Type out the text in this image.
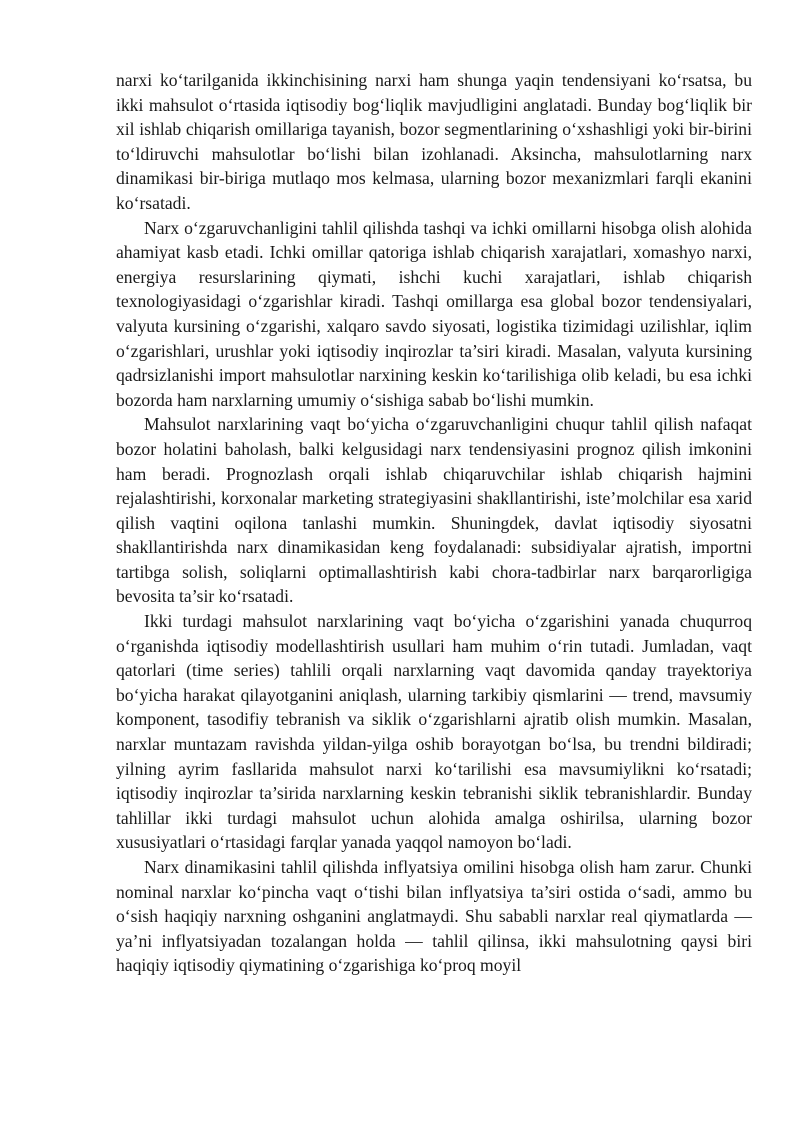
narxi ko‘tarilganida ikkinchisining narxi ham shunga yaqin tendensiyani ko‘rsatsa, bu ikki mahsulot o‘rtasida iqtisodiy bog‘liqlik mavjudligini anglatadi. Bunday bog‘liqlik bir xil ishlab chiqarish omillariga tayanish, bozor segmentlarining o‘xshashligi yoki bir-birini to‘ldiruvchi mahsulotlar bo‘lishi bilan izohlanadi. Aksincha, mahsulotlarning narx dinamikasi bir-biriga mutlaqo mos kelmasa, ularning bozor mexanizmlari farqli ekanini ko‘rsatadi.

Narx o‘zgaruvchanligini tahlil qilishda tashqi va ichki omillarni hisobga olish alohida ahamiyat kasb etadi. Ichki omillar qatoriga ishlab chiqarish xarajatlari, xomashyo narxi, energiya resurslarining qiymati, ishchi kuchi xarajatlari, ishlab chiqarish texnologiyasidagi o‘zgarishlar kiradi. Tashqi omillarga esa global bozor tendensiyalari, valyuta kursining o‘zgarishi, xalqaro savdo siyosati, logistika tizimidagi uzilishlar, iqlim o‘zgarishlari, urushlar yoki iqtisodiy inqirozlar ta’siri kiradi. Masalan, valyuta kursining qadrsizlanishi import mahsulotlar narxining keskin ko‘tarilishiga olib keladi, bu esa ichki bozorda ham narxlarning umumiy o‘sishiga sabab bo‘lishi mumkin.

Mahsulot narxlarining vaqt bo‘yicha o‘zgaruvchanligini chuqur tahlil qilish nafaqat bozor holatini baholash, balki kelgusidagi narx tendensiyasini prognoz qilish imkonini ham beradi. Prognozlash orqali ishlab chiqaruvchilar ishlab chiqarish hajmini rejalashtirishi, korxonalar marketing strategiyasini shakllantirishi, iste’molchilar esa xarid qilish vaqtini oqilona tanlashi mumkin. Shuningdek, davlat iqtisodiy siyosatni shakllantirishda narx dinamikasidan keng foydalanadi: subsidiyalar ajratish, importni tartibga solish, soliqlarni optimallashtirish kabi chora-tadbirlar narx barqarorligiga bevosita ta’sir ko‘rsatadi.

Ikki turdagi mahsulot narxlarining vaqt bo‘yicha o‘zgarishini yanada chuqurroq o‘rganishda iqtisodiy modellashtirish usullari ham muhim o‘rin tutadi. Jumladan, vaqt qatorlari (time series) tahlili orqali narxlarning vaqt davomida qanday trayektoriya bo‘yicha harakat qilayotganini aniqlash, ularning tarkibiy qismlarini — trend, mavsumiy komponent, tasodifiy tebranish va siklik o‘zgarishlarni ajratib olish mumkin. Masalan, narxlar muntazam ravishda yildan-yilga oshib borayotgan bo‘lsa, bu trendni bildiradi; yilning ayrim fasllarida mahsulot narxi ko‘tarilishi esa mavsumiylikni ko‘rsatadi; iqtisodiy inqirozlar ta’sirida narxlarning keskin tebranishi siklik tebranishlardir. Bunday tahlillar ikki turdagi mahsulot uchun alohida amalga oshirilsa, ularning bozor xususiyatlari o‘rtasidagi farqlar yanada yaqqol namoyon bo‘ladi.

Narx dinamikasini tahlil qilishda inflyatsiya omilini hisobga olish ham zarur. Chunki nominal narxlar ko‘pincha vaqt o‘tishi bilan inflyatsiya ta’siri ostida o‘sadi, ammo bu o‘sish haqiqiy narxning oshganini anglatmaydi. Shu sababli narxlar real qiymatlarda — ya’ni inflyatsiyadan tozalangan holda — tahlil qilinsa, ikki mahsulotning qaysi biri haqiqiy iqtisodiy qiymatining o‘zgarishiga ko‘proq moyil
